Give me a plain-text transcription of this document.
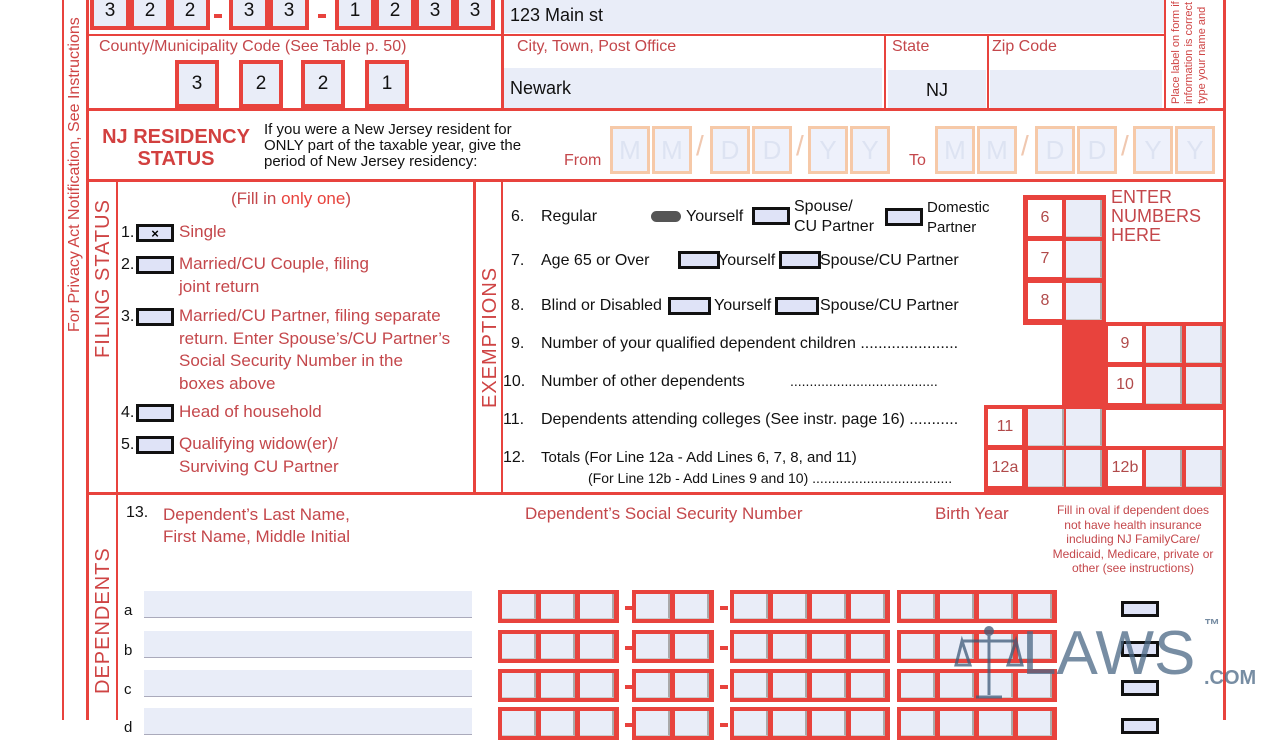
For Privacy Act Notification, See Instructions
3	2	2	3	3	1	2	3	3
County/Municipality Code (See Table p. 50)
3	2	2	1
123 Main st
City, Town, Post Office
Newark
State
NJ
Zip Code	Place label on form if information is correct type your name and
NJ RESIDENCY
STATUS
If you were a New Jersey resident for
ONLY part of the taxable year, give the
period of New Jersey residency:	From	To
M M / D D / Y Y	M M / D D / Y Y
FILING STATUS
(Fill in only one)
1.	×	Single
2.	Married/CU Couple, filing
joint return
3.	Married/CU Partner, filing separate
return. Enter Spouse’s/CU Partner’s
Social Security Number in the
boxes above
4.	Head of household
5.	Qualifying widow(er)/
Surviving CU Partner
EXEMPTIONS
6. Regular	Yourself
Spouse/
CU Partner
Domestic
Partner
7. Age 65 or Over	Yourself	Spouse/CU Partner
8. Blind or Disabled	Yourself	Spouse/CU Partner
9. Number of your qualified dependent children ......................
10. Number of other dependents	......................................
11. Dependents attending colleges (See instr. page 16) ...........
12. Totals (For Line 12a - Add Lines 6, 7, 8, and 11)
(For Line 12b - Add Lines 9 and 10) ....................................
ENTER
NUMBERS
HERE
6
7
8
9
10
11
12a	12b
DEPENDENTS
13. Dependent’s Last Name,
First Name, Middle Initial
Dependent’s Social Security Number	Birth Year	Fill in oval if dependent does
not have health insurance
including NJ FamilyCare/
Medicaid, Medicare, private or
other (see instructions)
a
b
c
d
LAWS ™
.COM
